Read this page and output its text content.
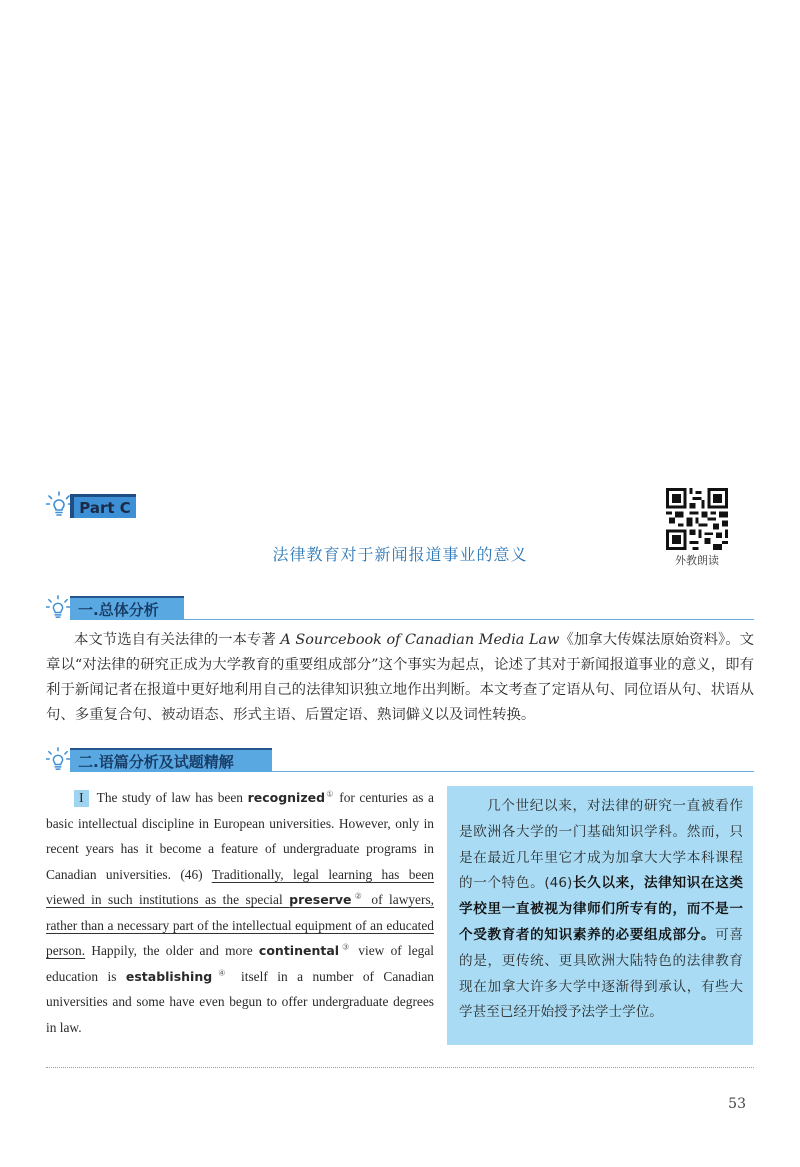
Part C
法律教育对于新闻报道事业的意义	外教朗读
一.总体分析

本文节选自有关法律的一本专著 A Sourcebook of Canadian Media Law《加拿大传媒法原始资料》。文章以“对法律的研究正成为大学教育的重要组成部分”这个事实为起点，论述了其对于新闻报道事业的意义，即有利于新闻记者在报道中更好地利用自己的法律知识独立地作出判断。本文考查了定语从句、同位语从句、状语从句、多重复合句、被动语态、形式主语、后置定语、熟词僻义以及词性转换。

二.语篇分析及试题精解

I The study of law has been recognized① for centuries as a basic intellectual discipline in European universities. However, only in recent years has it become a feature of undergraduate programs in Canadian universities. (46) Traditionally, legal learning has been viewed in such institutions as the special preserve② of lawyers, rather than a necessary part of the intellectual equipment of an educated person. Happily, the older and more continental③ view of legal education is establishing④ itself in a number of Canadian universities and some have even begun to offer undergraduate degrees in law.

几个世纪以来，对法律的研究一直被看作是欧洲各大学的一门基础知识学科。然而，只是在最近几年里它才成为加拿大大学本科课程的一个特色。(46)长久以来，法律知识在这类学校里一直被视为律师们所专有的，而不是一个受教育者的知识素养的必要组成部分。可喜的是，更传统、更具欧洲大陆特色的法律教育现在加拿大许多大学中逐渐得到承认，有些大学甚至已经开始授予法学士学位。

53
